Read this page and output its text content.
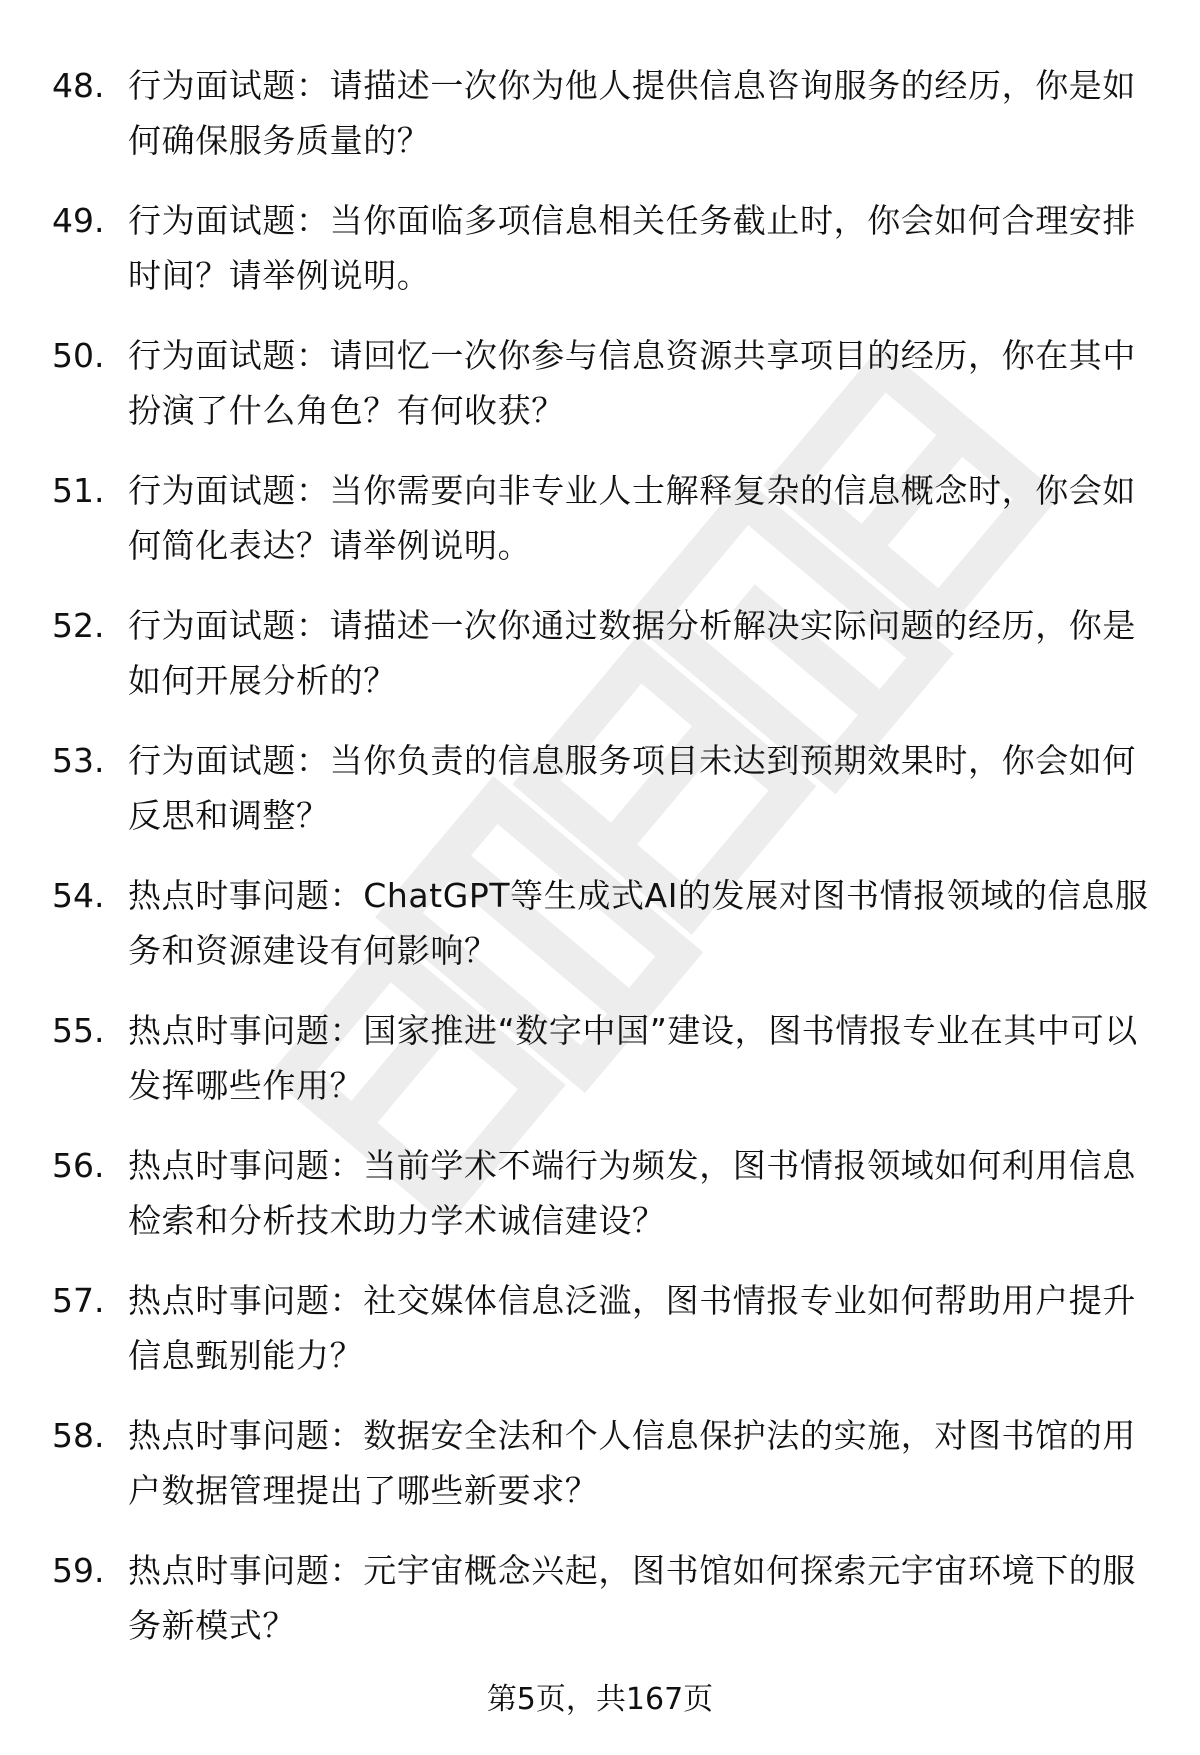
48. 行为面试题：请描述一次你为他人提供信息咨询服务的经历，你是如何确保服务质量的？
49. 行为面试题：当你面临多项信息相关任务截止时，你会如何合理安排时间？请举例说明。
50. 行为面试题：请回忆一次你参与信息资源共享项目的经历，你在其中扮演了什么角色？有何收获？
51. 行为面试题：当你需要向非专业人士解释复杂的信息概念时，你会如何简化表达？请举例说明。
52. 行为面试题：请描述一次你通过数据分析解决实际问题的经历，你是如何开展分析的？
53. 行为面试题：当你负责的信息服务项目未达到预期效果时，你会如何反思和调整？
54. 热点时事问题：ChatGPT等生成式AI的发展对图书情报领域的信息服务和资源建设有何影响？
55. 热点时事问题：国家推进“数字中国”建设，图书情报专业在其中可以发挥哪些作用？
56. 热点时事问题：当前学术不端行为频发，图书情报领域如何利用信息检索和分析技术助力学术诚信建设？
57. 热点时事问题：社交媒体信息泛滥，图书情报专业如何帮助用户提升信息甄别能力？
58. 热点时事问题：数据安全法和个人信息保护法的实施，对图书馆的用户数据管理提出了哪些新要求？
59. 热点时事问题：元宇宙概念兴起，图书馆如何探索元宇宙环境下的服务新模式？
第5页，共167页
